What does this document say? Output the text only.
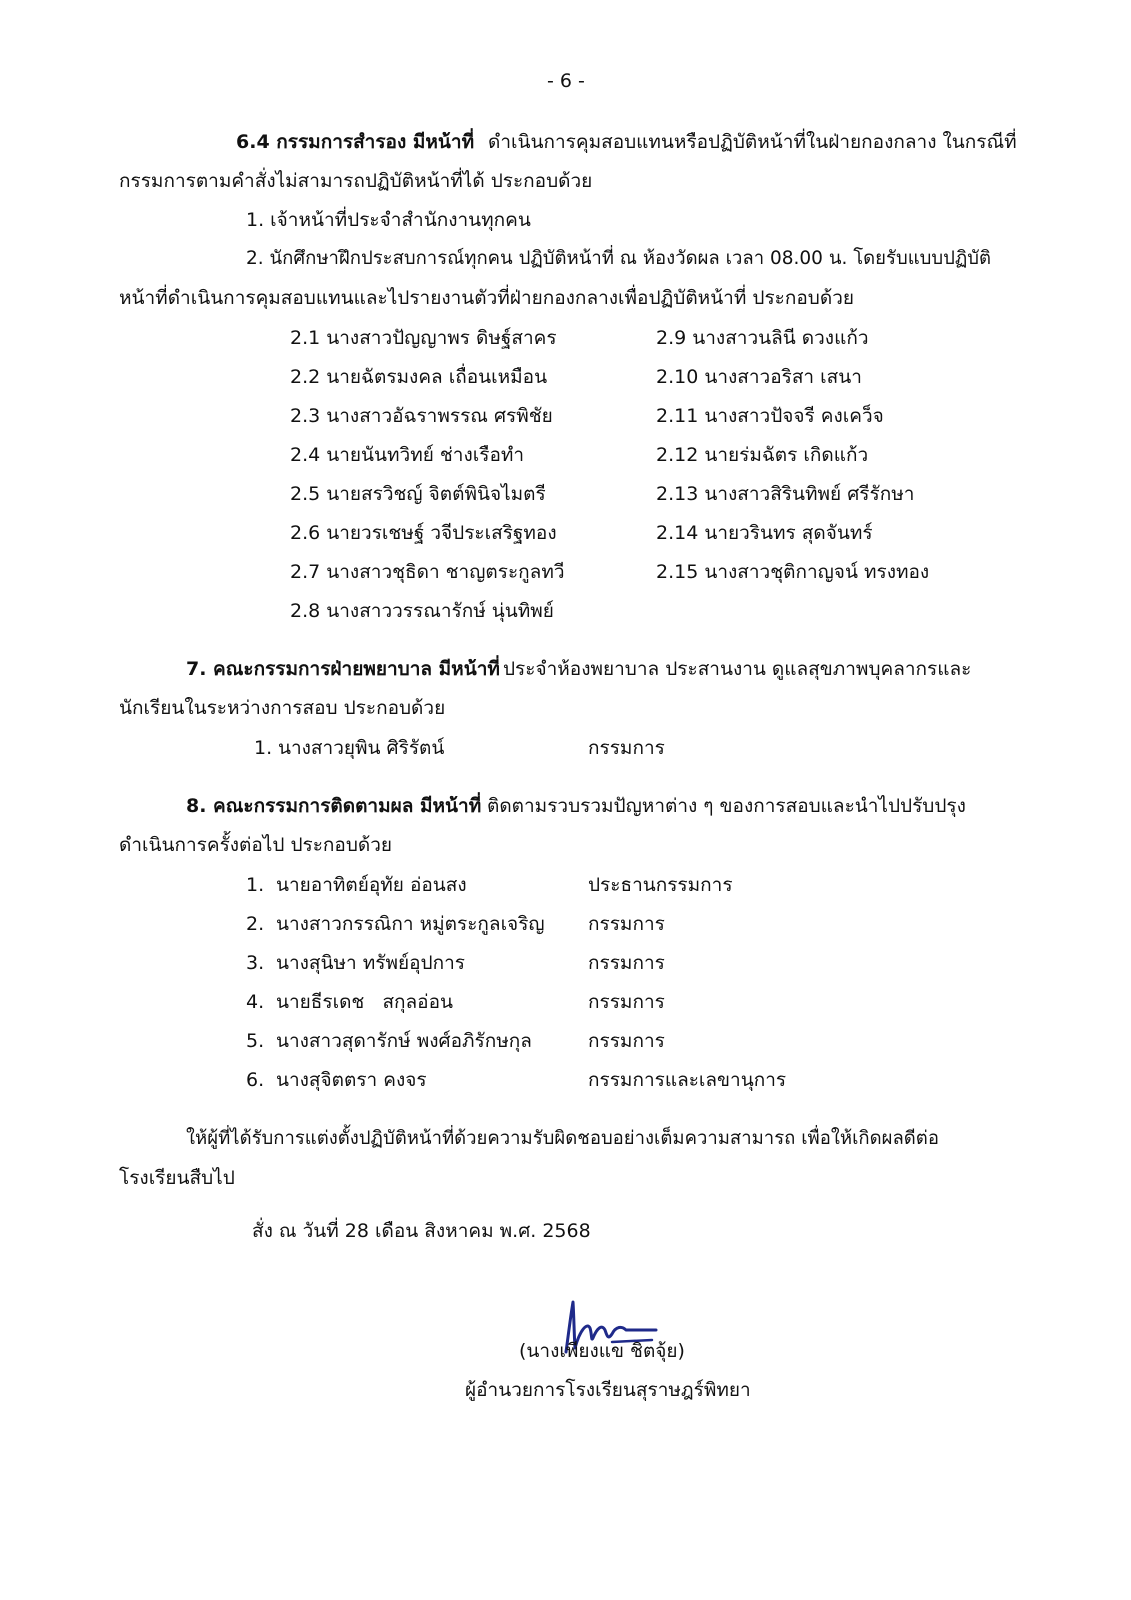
- 6 -
6.4 กรรมการสำรอง มีหน้าที่ ดำเนินการคุมสอบแทนหรือปฏิบัติหน้าที่ในฝ่ายกองกลาง ในกรณีที่
กรรมการตามคำสั่งไม่สามารถปฏิบัติหน้าที่ได้ ประกอบด้วย
1. เจ้าหน้าที่ประจำสำนักงานทุกคน
2. นักศึกษาฝึกประสบการณ์ทุกคน ปฏิบัติหน้าที่ ณ ห้องวัดผล เวลา 08.00 น. โดยรับแบบปฏิบัติ
หน้าที่ดำเนินการคุมสอบแทนและไปรายงานตัวที่ฝ่ายกองกลางเพื่อปฏิบัติหน้าที่ ประกอบด้วย
2.1 นางสาวปัญญาพร ดิษฐ์สาคร
2.2 นายฉัตรมงคล เถื่อนเหมือน
2.3 นางสาวอัฉราพรรณ ศรพิชัย
2.4 นายนันทวิทย์ ช่างเรือทำ
2.5 นายสรวิชญ์ จิตต์พินิจไมตรี
2.6 นายวรเชษฐ์ วจีประเสริฐทอง
2.7 นางสาวชุธิดา ชาญตระกูลทวี
2.8 นางสาววรรณารักษ์ นุ่นทิพย์
2.9 นางสาวนลินี ดวงแก้ว
2.10 นางสาวอริสา เสนา
2.11 นางสาวปัจจรี คงเคว็จ
2.12 นายร่มฉัตร เกิดแก้ว
2.13 นางสาวสิรินทิพย์ ศรีรักษา
2.14 นายวรินทร สุดจันทร์
2.15 นางสาวชุติกาญจน์ ทรงทอง
7. คณะกรรมการฝ่ายพยาบาล มีหน้าที่ ประจำห้องพยาบาล ประสานงาน ดูแลสุขภาพบุคลากรและ
นักเรียนในระหว่างการสอบ ประกอบด้วย
1. นางสาวยุพิน ศิริรัตน์	กรรมการ
8. คณะกรรมการติดตามผล มีหน้าที่ ติดตามรวบรวมปัญหาต่าง ๆ ของการสอบและนำไปปรับปรุง
ดำเนินการครั้งต่อไป ประกอบด้วย
1. นายอาทิตย์อุทัย อ่อนสง	ประธานกรรมการ
2. นางสาวกรรณิกา หมู่ตระกูลเจริญ กรรมการ
3. นางสุนิษา ทรัพย์อุปการ	กรรมการ
4. นายธีรเดช   สกุลอ่อน	กรรมการ
5. นางสาวสุดารักษ์ พงศ์อภิรักษกุล	กรรมการ
6. นางสุจิตตรา คงจร	กรรมการและเลขานุการ
ให้ผู้ที่ได้รับการแต่งตั้งปฏิบัติหน้าที่ด้วยความรับผิดชอบอย่างเต็มความสามารถ เพื่อให้เกิดผลดีต่อ
โรงเรียนสืบไป
สั่ง ณ วันที่ 28 เดือน สิงหาคม พ.ศ. 2568
(นางเพียงแข ชิตจุ้ย)
ผู้อำนวยการโรงเรียนสุราษฎร์พิทยา
